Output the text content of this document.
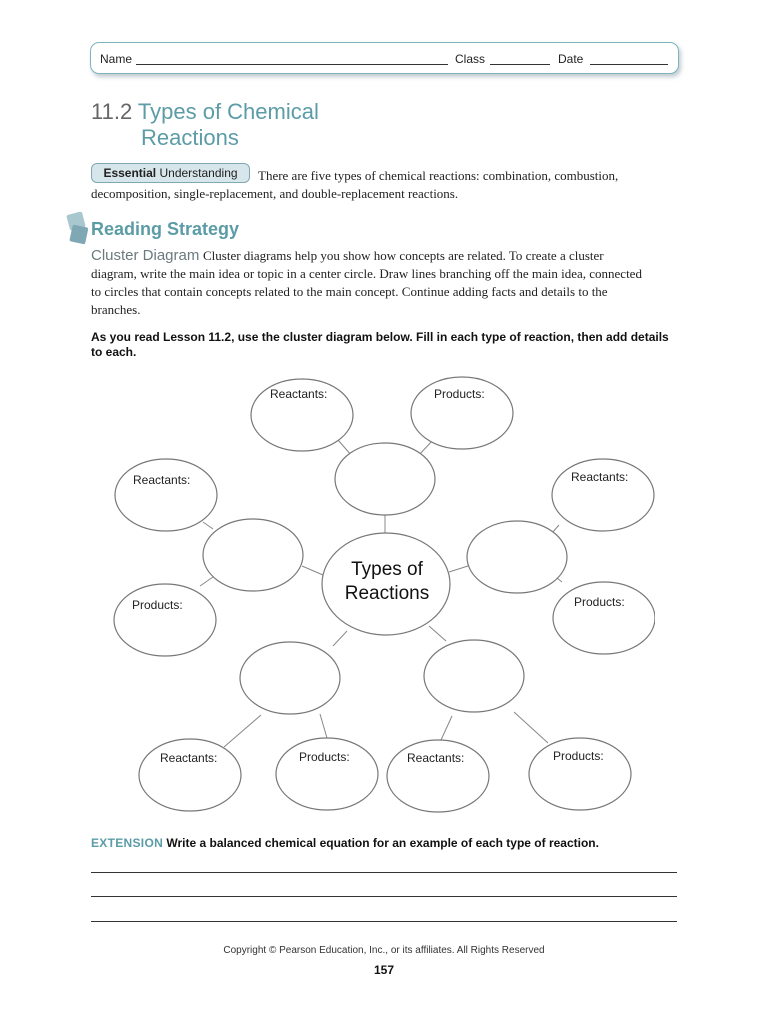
Name	Class	Date
11.2 Types of Chemical
Reactions
There are five types of chemical reactions: combination, combustion, decomposition, single-replacement, and double-replacement reactions.
Essential Understanding
Reading Strategy
Cluster Diagram Cluster diagrams help you show how concepts are related. To create a cluster diagram, write the main idea or topic in a center circle. Draw lines branching off the main idea, connected to circles that contain concepts related to the main concept. Continue adding facts and details to the branches.
As you read Lesson 11.2, use the cluster diagram below. Fill in each type of reaction, then add details to each.
Reactants:	Products:
Reactants:	Reactants:
Products:	Products:
Reactants:	Products:	Reactants:	Products:
Types of
Reactions
EXTENSION Write a balanced chemical equation for an example of each type of reaction.
Copyright © Pearson Education, Inc., or its affiliates. All Rights Reserved
157
